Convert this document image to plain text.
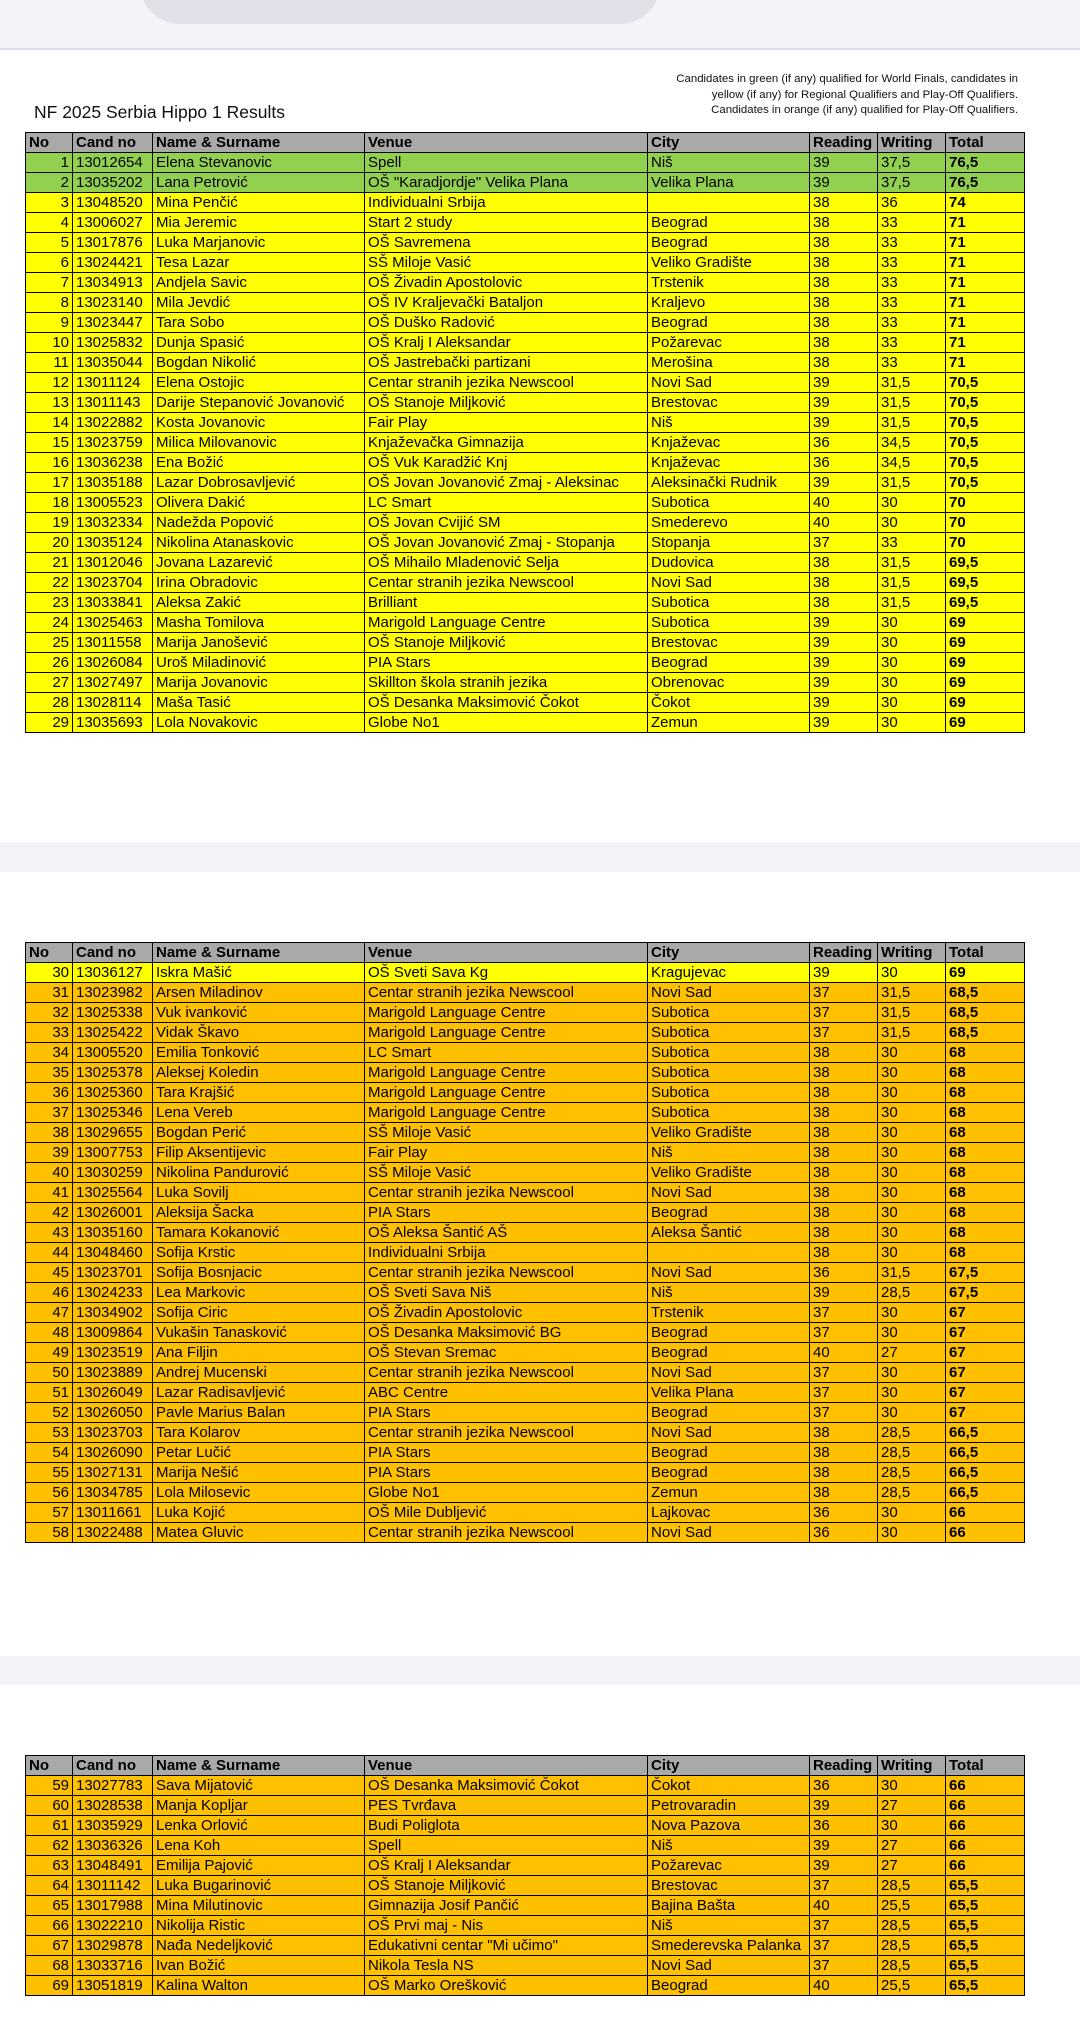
Candidates in green (if any) qualified for World Finals, candidates in
yellow (if any) for Regional Qualifiers and Play-Off Qualifiers.
Candidates in orange (if any) qualified for Play-Off Qualifiers.
NF 2025 Serbia Hippo 1 Results
No	Cand no	Name & Surname	Venue	City	Reading	Writing	Total
1	13012654	Elena Stevanovic	Spell	Niš	39	37,5	76,5
2	13035202	Lana Petrović	OŠ "Karadjordje" Velika Plana	Velika Plana	39	37,5	76,5
3	13048520	Mina Penčić	Individualni Srbija		38	36	74
4	13006027	Mia Jeremic	Start 2 study	Beograd	38	33	71
5	13017876	Luka Marjanovic	OŠ Savremena	Beograd	38	33	71
6	13024421	Tesa Lazar	SŠ Miloje Vasić	Veliko Gradište	38	33	71
7	13034913	Andjela Savic	OŠ Živadin Apostolovic	Trstenik	38	33	71
8	13023140	Mila Jevdić	OŠ IV Kraljevački Bataljon	Kraljevo	38	33	71
9	13023447	Tara Sobo	OŠ Duško Radović	Beograd	38	33	71
10	13025832	Dunja Spasić	OŠ Kralj I Aleksandar	Požarevac	38	33	71
11	13035044	Bogdan Nikolić	OŠ Jastrebački partizani	Merošina	38	33	71
12	13011124	Elena Ostojic	Centar stranih jezika Newscool	Novi Sad	39	31,5	70,5
13	13011143	Darije Stepanović Jovanović	OŠ Stanoje Miljković	Brestovac	39	31,5	70,5
14	13022882	Kosta Jovanovic	Fair Play	Niš	39	31,5	70,5
15	13023759	Milica Milovanovic	Knjaževačka Gimnazija	Knjaževac	36	34,5	70,5
16	13036238	Ena Božić	OŠ Vuk Karadžić Knj	Knjaževac	36	34,5	70,5
17	13035188	Lazar Dobrosavljević	OŠ Jovan Jovanović Zmaj - Aleksinac	Aleksinački Rudnik	39	31,5	70,5
18	13005523	Olivera Dakić	LC Smart	Subotica	40	30	70
19	13032334	Nadežda Popović	OŠ Jovan Cvijić SM	Smederevo	40	30	70
20	13035124	Nikolina Atanaskovic	OŠ Jovan Jovanović Zmaj - Stopanja	Stopanja	37	33	70
21	13012046	Jovana Lazarević	OŠ Mihailo Mladenović Selja	Dudovica	38	31,5	69,5
22	13023704	Irina Obradovic	Centar stranih jezika Newscool	Novi Sad	38	31,5	69,5
23	13033841	Aleksa Zakić	Brilliant	Subotica	38	31,5	69,5
24	13025463	Masha Tomilova	Marigold Language Centre	Subotica	39	30	69
25	13011558	Marija Janošević	OŠ Stanoje Miljković	Brestovac	39	30	69
26	13026084	Uroš Miladinović	PIA Stars	Beograd	39	30	69
27	13027497	Marija Jovanovic	Skillton škola stranih jezika	Obrenovac	39	30	69
28	13028114	Maša Tasić	OŠ Desanka Maksimović Čokot	Čokot	39	30	69
29	13035693	Lola Novakovic	Globe No1	Zemun	39	30	69
No	Cand no	Name & Surname	Venue	City	Reading	Writing	Total
30	13036127	Iskra Mašić	OŠ Sveti Sava Kg	Kragujevac	39	30	69
31	13023982	Arsen Miladinov	Centar stranih jezika Newscool	Novi Sad	37	31,5	68,5
32	13025338	Vuk ivanković	Marigold Language Centre	Subotica	37	31,5	68,5
33	13025422	Vidak Škavo	Marigold Language Centre	Subotica	37	31,5	68,5
34	13005520	Emilia Tonković	LC Smart	Subotica	38	30	68
35	13025378	Aleksej Koledin	Marigold Language Centre	Subotica	38	30	68
36	13025360	Tara Krajšić	Marigold Language Centre	Subotica	38	30	68
37	13025346	Lena Vereb	Marigold Language Centre	Subotica	38	30	68
38	13029655	Bogdan Perić	SŠ Miloje Vasić	Veliko Gradište	38	30	68
39	13007753	Filip Aksentijevic	Fair Play	Niš	38	30	68
40	13030259	Nikolina Pandurović	SŠ Miloje Vasić	Veliko Gradište	38	30	68
41	13025564	Luka Sovilj	Centar stranih jezika Newscool	Novi Sad	38	30	68
42	13026001	Aleksija Šacka	PIA Stars	Beograd	38	30	68
43	13035160	Tamara Kokanović	OŠ Aleksa Šantić AŠ	Aleksa Šantić	38	30	68
44	13048460	Sofija Krstic	Individualni Srbija		38	30	68
45	13023701	Sofija Bosnjacic	Centar stranih jezika Newscool	Novi Sad	36	31,5	67,5
46	13024233	Lea Markovic	OŠ Sveti Sava Niš	Niš	39	28,5	67,5
47	13034902	Sofija Ciric	OŠ Živadin Apostolovic	Trstenik	37	30	67
48	13009864	Vukašin Tanasković	OŠ Desanka Maksimović BG	Beograd	37	30	67
49	13023519	Ana Filjin	OŠ Stevan Sremac	Beograd	40	27	67
50	13023889	Andrej Mucenski	Centar stranih jezika Newscool	Novi Sad	37	30	67
51	13026049	Lazar Radisavljević	ABC Centre	Velika Plana	37	30	67
52	13026050	Pavle Marius Balan	PIA Stars	Beograd	37	30	67
53	13023703	Tara Kolarov	Centar stranih jezika Newscool	Novi Sad	38	28,5	66,5
54	13026090	Petar Lučić	PIA Stars	Beograd	38	28,5	66,5
55	13027131	Marija Nešić	PIA Stars	Beograd	38	28,5	66,5
56	13034785	Lola Milosevic	Globe No1	Zemun	38	28,5	66,5
57	13011661	Luka Kojić	OŠ Mile Dubljević	Lajkovac	36	30	66
58	13022488	Matea Gluvic	Centar stranih jezika Newscool	Novi Sad	36	30	66
No	Cand no	Name & Surname	Venue	City	Reading	Writing	Total
59	13027783	Sava Mijatović	OŠ Desanka Maksimović Čokot	Čokot	36	30	66
60	13028538	Manja Kopljar	PES Tvrđava	Petrovaradin	39	27	66
61	13035929	Lenka Orlović	Budi Poliglota	Nova Pazova	36	30	66
62	13036326	Lena Koh	Spell	Niš	39	27	66
63	13048491	Emilija Pajović	OŠ Kralj I Aleksandar	Požarevac	39	27	66
64	13011142	Luka Bugarinović	OŠ Stanoje Miljković	Brestovac	37	28,5	65,5
65	13017988	Mina Milutinovic	Gimnazija Josif Pančić	Bajina Bašta	40	25,5	65,5
66	13022210	Nikolija Ristic	OŠ Prvi maj - Nis	Niš	37	28,5	65,5
67	13029878	Nađa Nedeljković	Edukativni centar "Mi učimo"	Smederevska Palanka	37	28,5	65,5
68	13033716	Ivan Božić	Nikola Tesla NS	Novi Sad	37	28,5	65,5
69	13051819	Kalina Walton	OŠ Marko Orešković	Beograd	40	25,5	65,5
